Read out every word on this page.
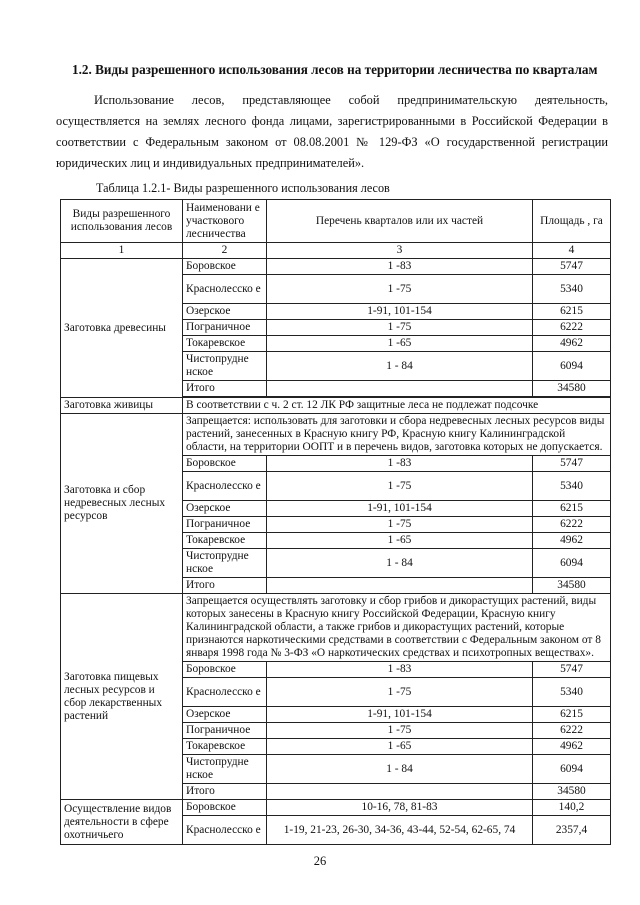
1.2. Виды разрешенного использования лесов на территории лесничества по кварталам

Использование лесов, представляющее собой предпринимательскую деятельность, осуществляется на землях лесного фонда лицами, зарегистрированными в Российской Федерации в соответствии с Федеральным законом от 08.08.2001 № 129-ФЗ «О государственной регистрации юридических лиц и индивидуальных предпринимателей».

Таблица 1.2.1- Виды разрешенного использования лесов
Виды разрешенного использования лесов	Наименовани е участкового лесничества	Перечень кварталов или их частей	Площадь , га
1	2	3	4
Заготовка древесины	Боровское	1 -83	5747
	Краснолесско е	1 -75	5340
	Озерское	1-91, 101-154	6215
	Пограничное	1 -75	6222
	Токаревское	1 -65	4962
	Чистопрудне нское	1 - 84	6094
	Итого		34580

Заготовка живицы	В соответствии с ч. 2 ст. 12 ЛК РФ защитные леса не подлежат подсочке		
Заготовка и сбор недревесных лесных ресурсов	Запрещается: использовать для заготовки и сбора недревесных лесных ресурсов виды растений, занесенных в Красную книгу РФ, Красную книгу Калининградской области, на территории ООПТ и в перечень видов, заготовка которых не допускается.		
	Боровское	1 -83	5747
	Краснолесско е	1 -75	5340
	Озерское	1-91, 101-154	6215
	Пограничное	1 -75	6222
	Токаревское	1 -65	4962
	Чистопрудне нское	1 - 84	6094
	Итого		34580
Заготовка пищевых лесных ресурсов и сбор лекарственных растений	Запрещается осуществлять заготовку и сбор грибов и дикорастущих растений, виды которых занесены в Красную книгу Российской Федерации, Красную книгу Калининградской области, а также грибов и дикорастущих растений, которые признаются наркотическими средствами в соответствии с Федеральным законом от 8 января 1998 года № 3-ФЗ «О наркотических средствах и психотропных веществах».		
	Боровское	1 -83	5747
	Краснолесско е	1 -75	5340
	Озерское	1-91, 101-154	6215
	Пограничное	1 -75	6222
	Токаревское	1 -65	4962
	Чистопрудне нское	1 - 84	6094
	Итого		34580
Осуществление видов деятельности в сфере охотничьего	Боровское	10-16, 78, 81-83	140,2
	Краснолесско е	1-19, 21-23, 26-30, 34-36, 43-44, 52-54, 62-65, 74	2357,4
26
